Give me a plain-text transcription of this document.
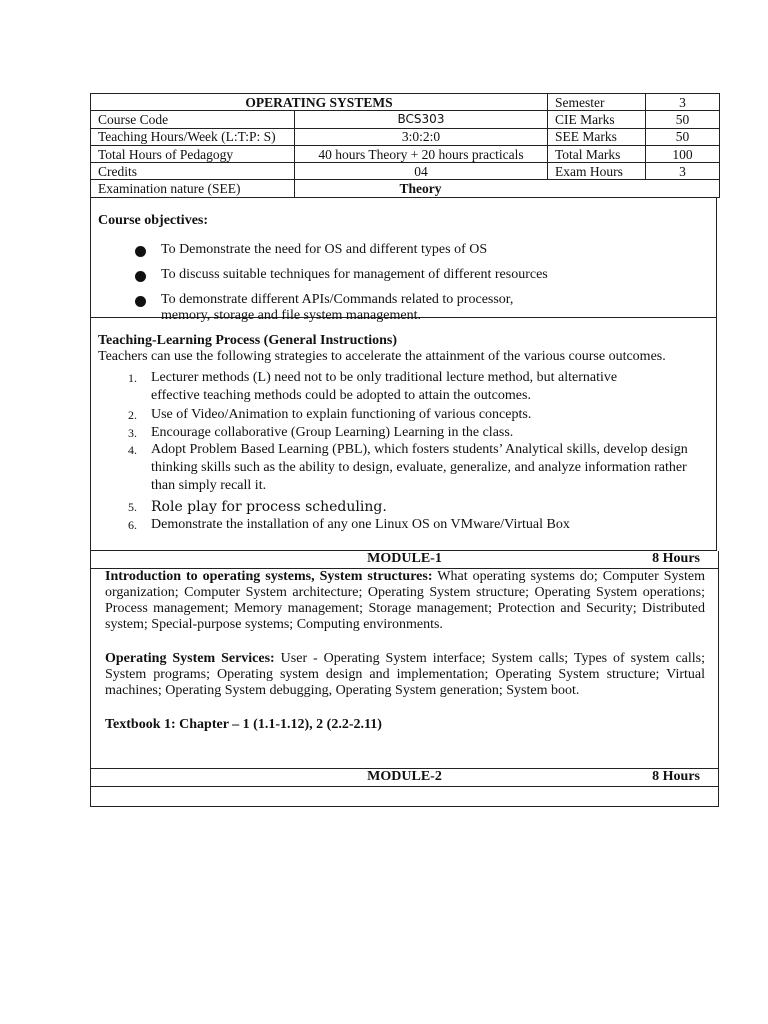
OPERATING SYSTEMS		Semester	3
Course Code	BCS303	CIE Marks	50
Teaching Hours/Week (L:T:P: S)	3:0:2:0	SEE Marks	50
Total Hours of Pedagogy	40 hours Theory + 20 hours practicals	Total Marks	100
Credits	04	Exam Hours	3
Examination nature (SEE)	Theory		
Course objectives:
To Demonstrate the need for OS and different types of OS
To discuss suitable techniques for management of different resources
To demonstrate different APIs/Commands related to processor,
memory, storage and file system management.
Teaching-Learning Process (General Instructions)
Teachers can use the following strategies to accelerate the attainment of the various course outcomes.
1. Lecturer methods (L) need not to be only traditional lecture method, but alternative
effective teaching methods could be adopted to attain the outcomes.
2. Use of Video/Animation to explain functioning of various concepts.
3. Encourage collaborative (Group Learning) Learning in the class.
4. Adopt Problem Based Learning (PBL), which fosters students’ Analytical skills, develop design
thinking skills such as the ability to design, evaluate, generalize, and analyze information rather
than simply recall it.
5. Role play for process scheduling.
6. Demonstrate the installation of any one Linux OS on VMware/Virtual Box
MODULE-1	8 Hours
Introduction to operating systems, System structures: What operating systems do; Computer System organization; Computer System architecture; Operating System structure; Operating System operations; Process management; Memory management; Storage management; Protection and Security; Distributed system; Special-purpose systems; Computing environments.
Operating System Services: User - Operating System interface; System calls; Types of system calls; System programs; Operating system design and implementation; Operating System structure; Virtual machines; Operating System debugging, Operating System generation; System boot.
Textbook 1: Chapter – 1 (1.1-1.12), 2 (2.2-2.11)
MODULE-2	8 Hours
